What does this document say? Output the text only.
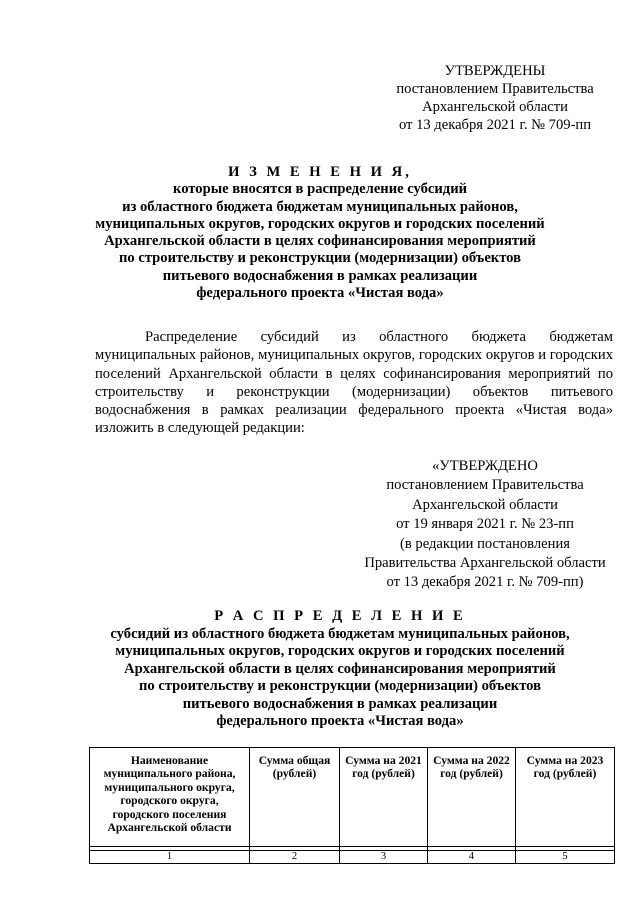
УТВЕРЖДЕНЫ
постановлением Правительства
Архангельской области
от 13 декабря 2021 г. № 709-пп
И З М Е Н Е Н И Я,
которые вносятся в распределение субсидий
из областного бюджета бюджетам муниципальных районов,
муниципальных округов, городских округов и городских поселений
Архангельской области в целях софинансирования мероприятий
по строительству и реконструкции (модернизации) объектов
питьевого водоснабжения в рамках реализации
федерального проекта «Чистая вода»

Распределение субсидий из областного бюджета бюджетам муниципальных районов, муниципальных округов, городских округов и городских поселений Архангельской области в целях софинансирования мероприятий по строительству и реконструкции (модернизации) объектов питьевого водоснабжения в рамках реализации федерального проекта «Чистая вода» изложить в следующей редакции:

«УТВЕРЖДЕНО
постановлением Правительства
Архангельской области
от 19 января 2021 г. № 23-пп
(в редакции постановления
Правительства Архангельской области
от 13 декабря 2021 г. № 709-пп)
Р А С П Р Е Д Е Л Е Н И Е
субсидий из областного бюджета бюджетам муниципальных районов,
муниципальных округов, городских округов и городских поселений
Архангельской области в целях софинансирования мероприятий
по строительству и реконструкции (модернизации) объектов
питьевого водоснабжения в рамках реализации
федерального проекта «Чистая вода»
Наименование муниципального района, муниципального округа, городского округа, городского поселения Архангельской области	Сумма общая (рублей)	Сумма на 2021 год (рублей)	Сумма на 2022 год (рублей)	Сумма на 2023 год (рублей)

1	2	3	4	5
